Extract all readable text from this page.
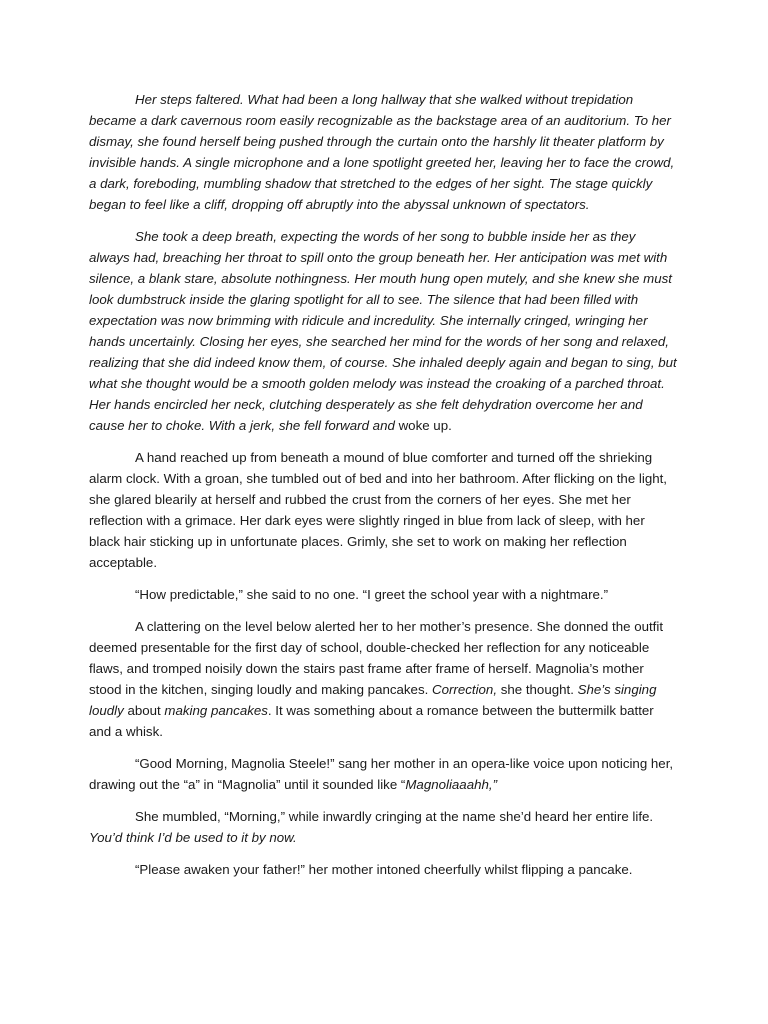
Her steps faltered. What had been a long hallway that she walked without trepidation became a dark cavernous room easily recognizable as the backstage area of an auditorium. To her dismay, she found herself being pushed through the curtain onto the harshly lit theater platform by invisible hands. A single microphone and a lone spotlight greeted her, leaving her to face the crowd, a dark, foreboding, mumbling shadow that stretched to the edges of her sight. The stage quickly began to feel like a cliff, dropping off abruptly into the abyssal unknown of spectators.

She took a deep breath, expecting the words of her song to bubble inside her as they always had, breaching her throat to spill onto the group beneath her. Her anticipation was met with silence, a blank stare, absolute nothingness. Her mouth hung open mutely, and she knew she must look dumbstruck inside the glaring spotlight for all to see. The silence that had been filled with expectation was now brimming with ridicule and incredulity. She internally cringed, wringing her hands uncertainly. Closing her eyes, she searched her mind for the words of her song and relaxed, realizing that she did indeed know them, of course. She inhaled deeply again and began to sing, but what she thought would be a smooth golden melody was instead the croaking of a parched throat. Her hands encircled her neck, clutching desperately as she felt dehydration overcome her and cause her to choke. With a jerk, she fell forward and woke up.

A hand reached up from beneath a mound of blue comforter and turned off the shrieking alarm clock. With a groan, she tumbled out of bed and into her bathroom. After flicking on the light, she glared blearily at herself and rubbed the crust from the corners of her eyes. She met her reflection with a grimace. Her dark eyes were slightly ringed in blue from lack of sleep, with her black hair sticking up in unfortunate places. Grimly, she set to work on making her reflection acceptable.

“How predictable,” she said to no one. “I greet the school year with a nightmare.”

A clattering on the level below alerted her to her mother’s presence. She donned the outfit deemed presentable for the first day of school, double-checked her reflection for any noticeable flaws, and tromped noisily down the stairs past frame after frame of herself. Magnolia’s mother stood in the kitchen, singing loudly and making pancakes. Correction, she thought. She’s singing loudly about making pancakes. It was something about a romance between the buttermilk batter and a whisk.

“Good Morning, Magnolia Steele!” sang her mother in an opera-like voice upon noticing her, drawing out the “a” in “Magnolia” until it sounded like “Magnoliaaahh,”

She mumbled, “Morning,” while inwardly cringing at the name she’d heard her entire life. You’d think I’d be used to it by now.

“Please awaken your father!” her mother intoned cheerfully whilst flipping a pancake.
